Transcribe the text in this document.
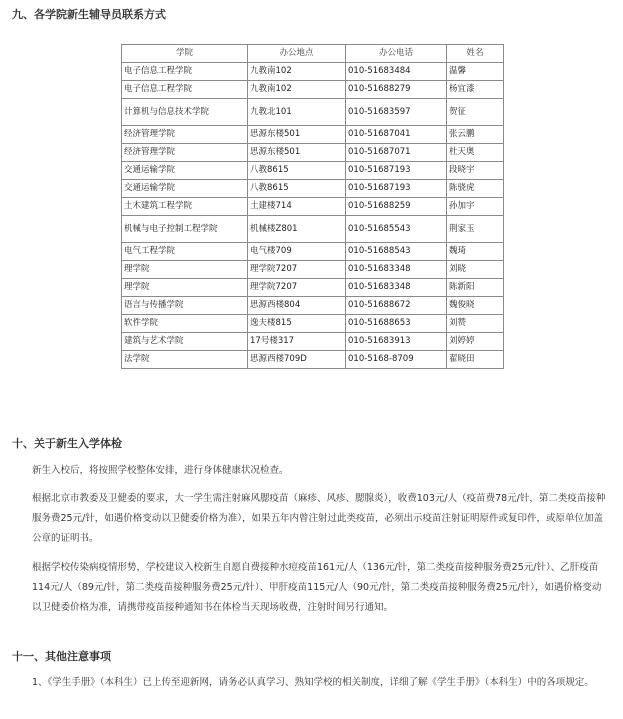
九、各学院新生辅导员联系方式
学院	办公地点	办公电话	姓名
电子信息工程学院	九教南102	010-51683484	温馨
电子信息工程学院	九教南102	010-51688279	杨宜漆
计算机与信息技术学院	九教北101	010-51683597	贺征
经济管理学院	思源东楼501	010-51687041	张云鹏
经济管理学院	思源东楼501	010-51687071	杜天奥
交通运输学院	八教8615	010-51687193	段晓宇
交通运输学院	八教8615	010-51687193	陈骁虎
土木建筑工程学院	土建楼714	010-51688259	孙加宇
机械与电子控制工程学院	机械楼Z801	010-51685543	荆家玉
电气工程学院	电气楼709	010-51688543	魏琦
理学院	理学院7207	010-51683348	刘晓
理学院	理学院7207	010-51683348	陈新阳
语言与传播学院	思源西楼804	010-51688672	魏俊晓
软件学院	逸夫楼815	010-51688653	刘赞
建筑与艺术学院	17号楼317	010-51683913	刘婷婷
法学院	思源西楼709D	010-5168-8709	翟晓田
十、关于新生入学体检
新生入校后，将按照学校整体安排，进行身体健康状况检查。
根据北京市教委及卫健委的要求，大一学生需注射麻风腮疫苗（麻疹、风疹、腮腺炎），收费103元/人（疫苗费78元/针，第二类疫苗接种服务费25元/针，如遇价格变动以卫健委价格为准），如果五年内曾注射过此类疫苗，必须出示疫苗注射证明原件或复印件，或原单位加盖公章的证明书。
根据学校传染病疫情形势，学校建议入校新生自愿自费接种水痘疫苗161元/人（136元/针，第二类疫苗接种服务费25元/针）、乙肝疫苗114元/人（89元/针，第二类疫苗接种服务费25元/针）、甲肝疫苗115元/人（90元/针，第二类疫苗接种服务费25元/针），如遇价格变动以卫健委价格为准，请携带疫苗接种通知书在体检当天现场收费，注射时间另行通知。
十一、其他注意事项
1、《学生手册》（本科生）已上传至迎新网，请务必认真学习、熟知学校的相关制度，详细了解《学生手册》（本科生）中的各项规定。
